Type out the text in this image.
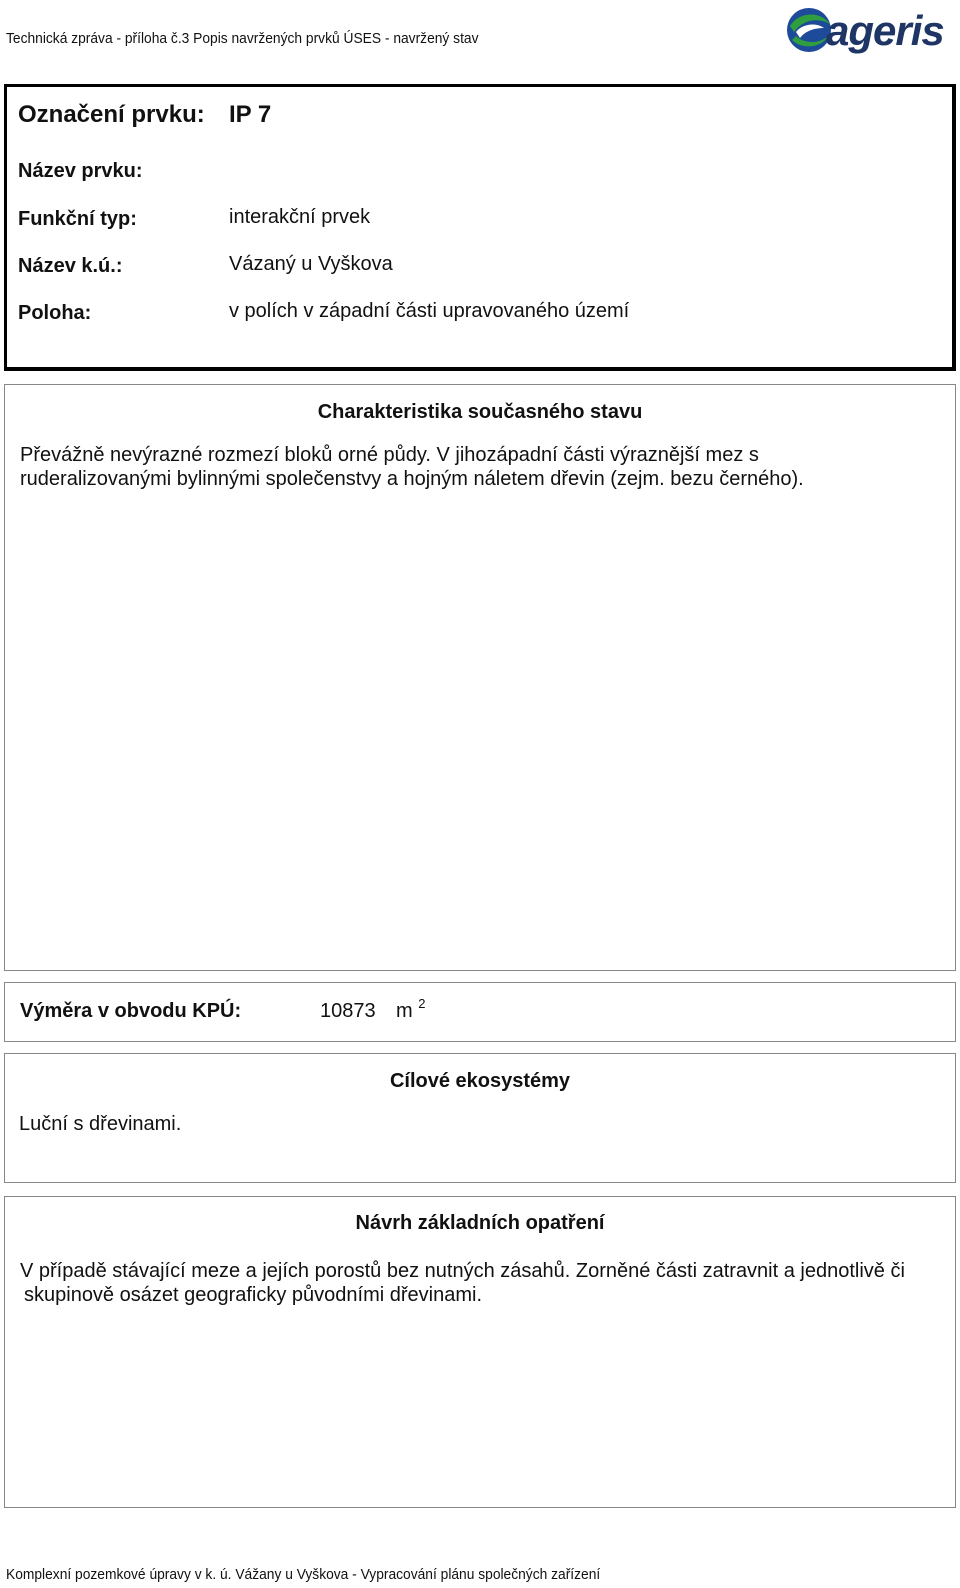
Technická zpráva - příloha č.3 Popis navržených prvků ÚSES - navržený stav	ageris
Označení prvku: IP 7
Název prvku:
Funkční typ:	interakční prvek
Název k.ú.:	Vázaný u Vyškova
Poloha:	v polích v západní části upravovaného území
Charakteristika současného stavu
Převážně nevýrazné rozmezí bloků orné půdy. V jihozápadní části výraznější mez s
ruderalizovanými bylinnými společenstvy a hojným náletem dřevin (zejm. bezu černého).
Výměra v obvodu KPÚ:	10873 m $^2$
Cílové ekosystémy
Luční s dřevinami.
Návrh základních opatření
V případě stávající meze a jejích porostů bez nutných zásahů. Zorněné části zatravnit a jednotlivě či
skupinově osázet geograficky původními dřevinami.
Komplexní pozemkové úpravy v k. ú. Vážany u Vyškova - Vypracování plánu společných zařízení
